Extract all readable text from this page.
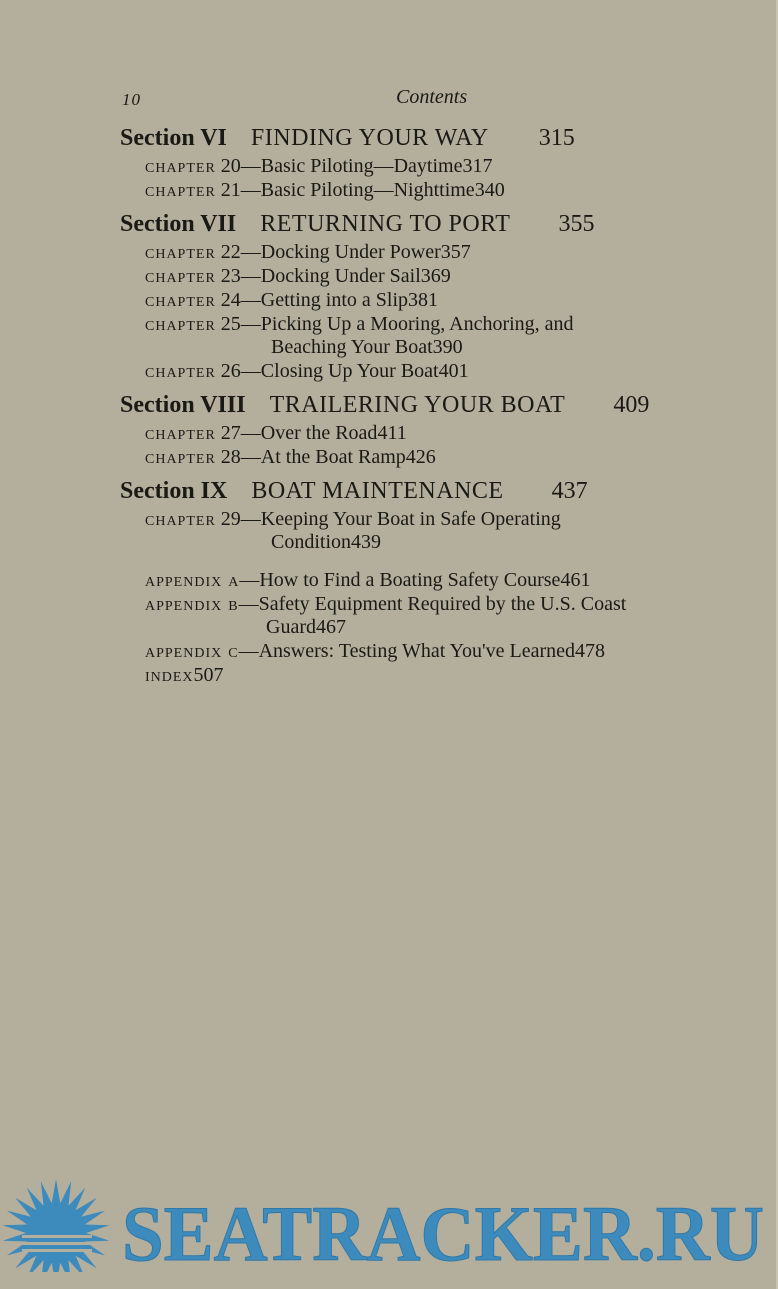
10	Contents
Section VI FINDING YOUR WAY 315
chapter 20—Basic Piloting—Daytime317
chapter 21—Basic Piloting—Nighttime340
Section VII RETURNING TO PORT 355
chapter 22—Docking Under Power357
chapter 23—Docking Under Sail369
chapter 24—Getting into a Slip381
chapter 25—Picking Up a Mooring, Anchoring, and
Beaching Your Boat390
chapter 26—Closing Up Your Boat401
Section VIII TRAILERING YOUR BOAT 409
chapter 27—Over the Road411
chapter 28—At the Boat Ramp426
Section IX BOAT MAINTENANCE 437
chapter 29—Keeping Your Boat in Safe Operating
Condition439
appendix a—How to Find a Boating Safety Course461
appendix b—Safety Equipment Required by the U.S. Coast
Guard467
appendix c—Answers: Testing What You've Learned478
index507
SEATRACKER.RU
